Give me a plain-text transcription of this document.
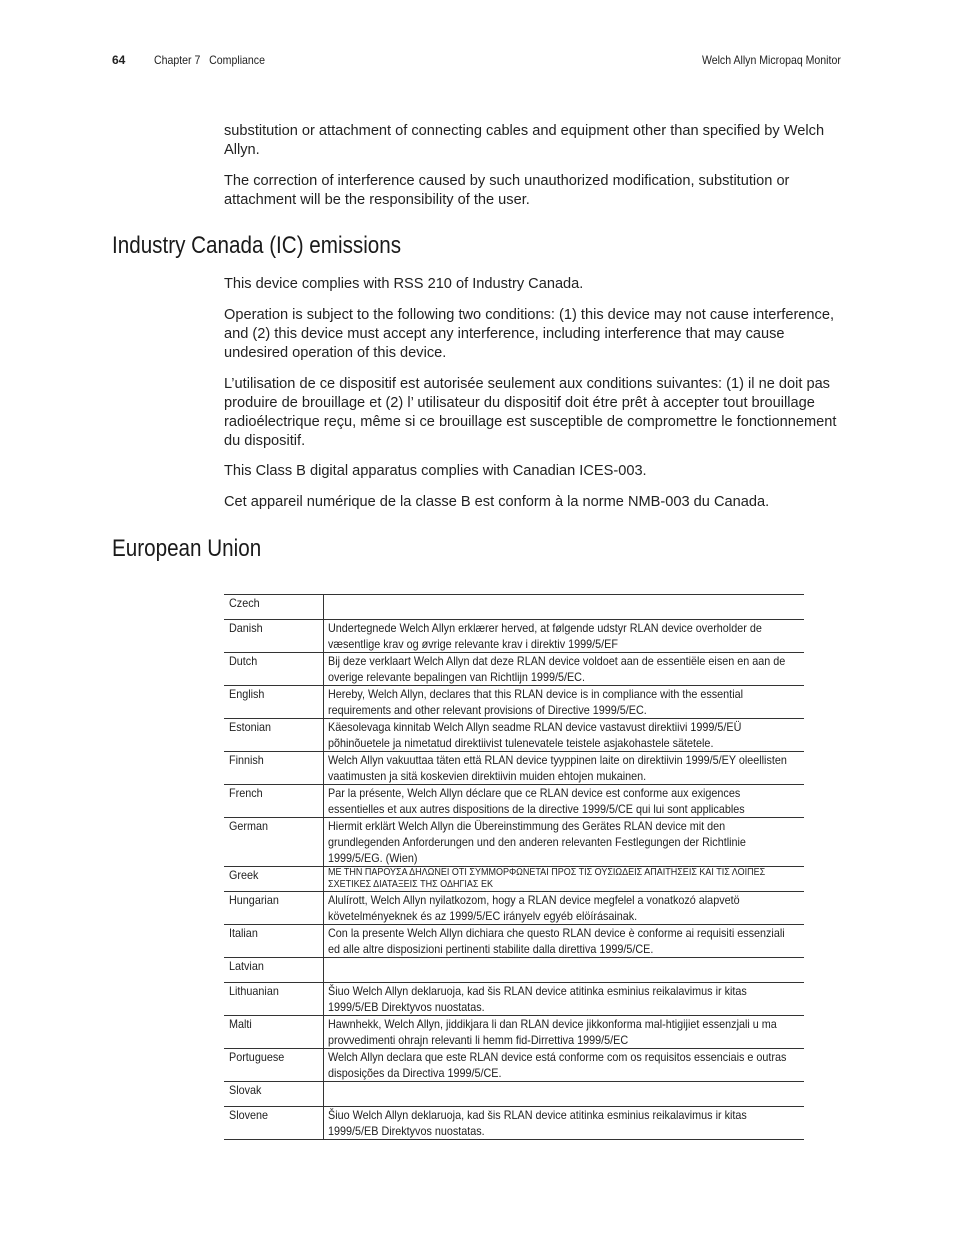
64 Chapter 7   Compliance	Welch Allyn Micropaq Monitor

substitution or attachment of connecting cables and equipment other than specified by Welch Allyn.

The correction of interference caused by such unauthorized modification, substitution or attachment will be the responsibility of the user.

Industry Canada (IC) emissions

This device complies with RSS 210 of Industry Canada.

Operation is subject to the following two conditions: (1) this device may not cause interference, and (2) this device must accept any interference, including interference that may cause undesired operation of this device.

L’utilisation de ce dispositif est autorisée seulement aux conditions suivantes: (1) il ne doit pas produire de brouillage et (2) l’ utilisateur du dispositif doit étre prêt à accepter tout brouillage radioélectrique reçu, même si ce brouillage est susceptible de compromettre le fonctionnement du dispositif.

This Class B digital apparatus complies with Canadian ICES-003.

Cet appareil numérique de la classe B est conform à la norme NMB-003 du Canada.

European Union
Czech	

Danish	Undertegnede Welch Allyn erklærer herved, at følgende udstyr RLAN device overholder de væsentlige krav og øvrige relevante krav i direktiv 1999/5/EF

Dutch	Bij deze verklaart Welch Allyn dat deze RLAN device voldoet aan de essentiële eisen en aan de overige relevante bepalingen van Richtlijn 1999/5/EC.

English	Hereby, Welch Allyn, declares that this RLAN device is in compliance with the essential requirements and other relevant provisions of Directive 1999/5/EC.

Estonian	Käesolevaga kinnitab Welch Allyn seadme RLAN device vastavust direktiivi 1999/5/EÜ põhinõuetele ja nimetatud direktiivist tulenevatele teistele asjakohastele sätetele.

Finnish	Welch Allyn vakuuttaa täten että RLAN device tyyppinen laite on direktiivin 1999/5/EY oleellisten vaatimusten ja sitä koskevien direktiivin muiden ehtojen mukainen.

French	Par la présente, Welch Allyn déclare que ce RLAN device est conforme aux exigences essentielles et aux autres dispositions de la directive 1999/5/CE qui lui sont applicables

German	Hiermit erklärt Welch Allyn die Übereinstimmung des Gerätes RLAN device mit den grundlegenden Anforderungen und den anderen relevanten Festlegungen der Richtlinie 1999/5/EG. (Wien)

Greek	ΜΕ ΤΗΝ ΠΑΡΟΥΣΑ ΔΗΛΩΝΕΙ ΟΤΙ ΣΥΜΜΟΡΦΩΝΕΤΑΙ ΠΡΟΣ ΤΙΣ ΟΥΣΙΩΔΕΙΣ ΑΠΑΙΤΗΣΕΙΣ ΚΑΙ ΤΙΣ ΛΟΙΠΕΣ ΣΧΕΤΙΚΕΣ ΔΙΑΤΑΞΕΙΣ ΤΗΣ ΟΔΗΓΙΑΣ ΕΚ

Hungarian	Alulírott, Welch Allyn nyilatkozom, hogy a RLAN device megfelel a vonatkozó alapvetö követelményeknek és az 1999/5/EC irányelv egyéb elöírásainak.

Italian	Con la presente Welch Allyn dichiara che questo RLAN device è conforme ai requisiti essenziali ed alle altre disposizioni pertinenti stabilite dalla direttiva 1999/5/CE.

Latvian	

Lithuanian	Šiuo Welch Allyn deklaruoja, kad šis RLAN device atitinka esminius reikalavimus ir kitas 1999/5/EB Direktyvos nuostatas.

Malti	Hawnhekk, Welch Allyn, jiddikjara li dan RLAN device jikkonforma mal-htigijiet essenzjali u ma provvedimenti ohrajn relevanti li hemm fid-Dirrettiva 1999/5/EC

Portuguese	Welch Allyn declara que este RLAN device está conforme com os requisitos essenciais e outras disposições da Directiva 1999/5/CE.

Slovak	

Slovene	Šiuo Welch Allyn deklaruoja, kad šis RLAN device atitinka esminius reikalavimus ir kitas 1999/5/EB Direktyvos nuostatas.
